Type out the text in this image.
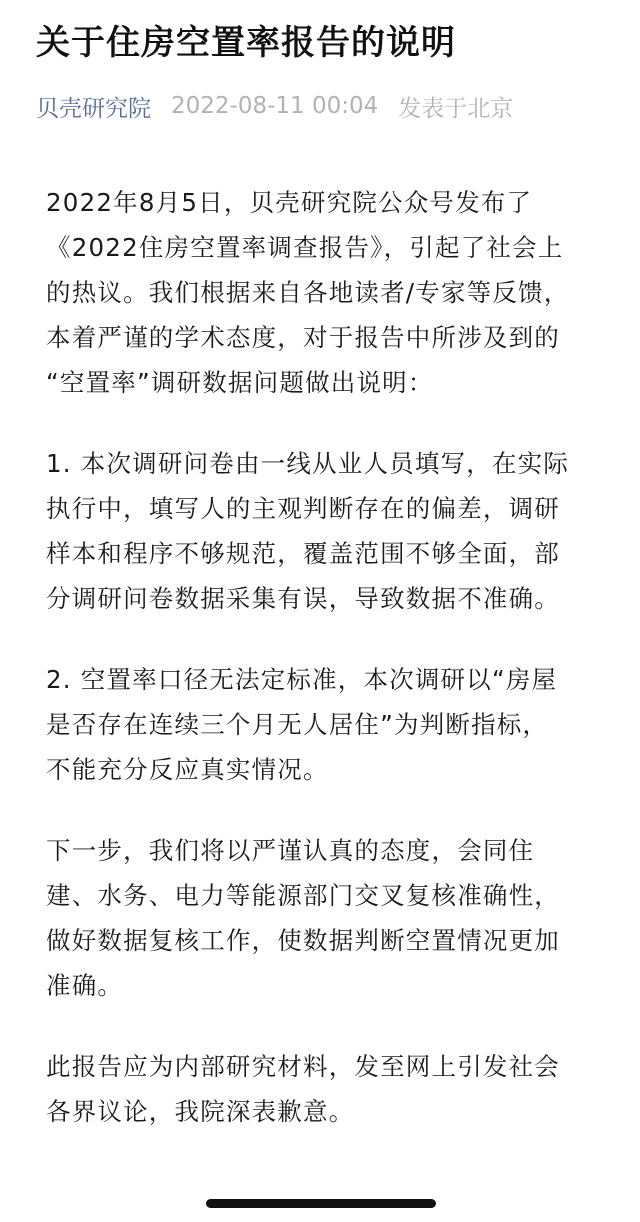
关于住房空置率报告的说明
贝壳研究院 2022-08-11 00:04 发表于北京

2022年8月5日，贝壳研究院公众号发布了
《2022住房空置率调查报告》，引起了社会上
的热议。我们根据来自各地读者/专家等反馈，
本着严谨的学术态度，对于报告中所涉及到的
“空置率”调研数据问题做出说明：

1. 本次调研问卷由一线从业人员填写，在实际
执行中，填写人的主观判断存在的偏差，调研
样本和程序不够规范，覆盖范围不够全面，部
分调研问卷数据采集有误，导致数据不准确。

2. 空置率口径无法定标准，本次调研以“房屋
是否存在连续三个月无人居住”为判断指标，
不能充分反应真实情况。

下一步，我们将以严谨认真的态度，会同住
建、水务、电力等能源部门交叉复核准确性，
做好数据复核工作，使数据判断空置情况更加
准确。

此报告应为内部研究材料，发至网上引发社会
各界议论，我院深表歉意。
